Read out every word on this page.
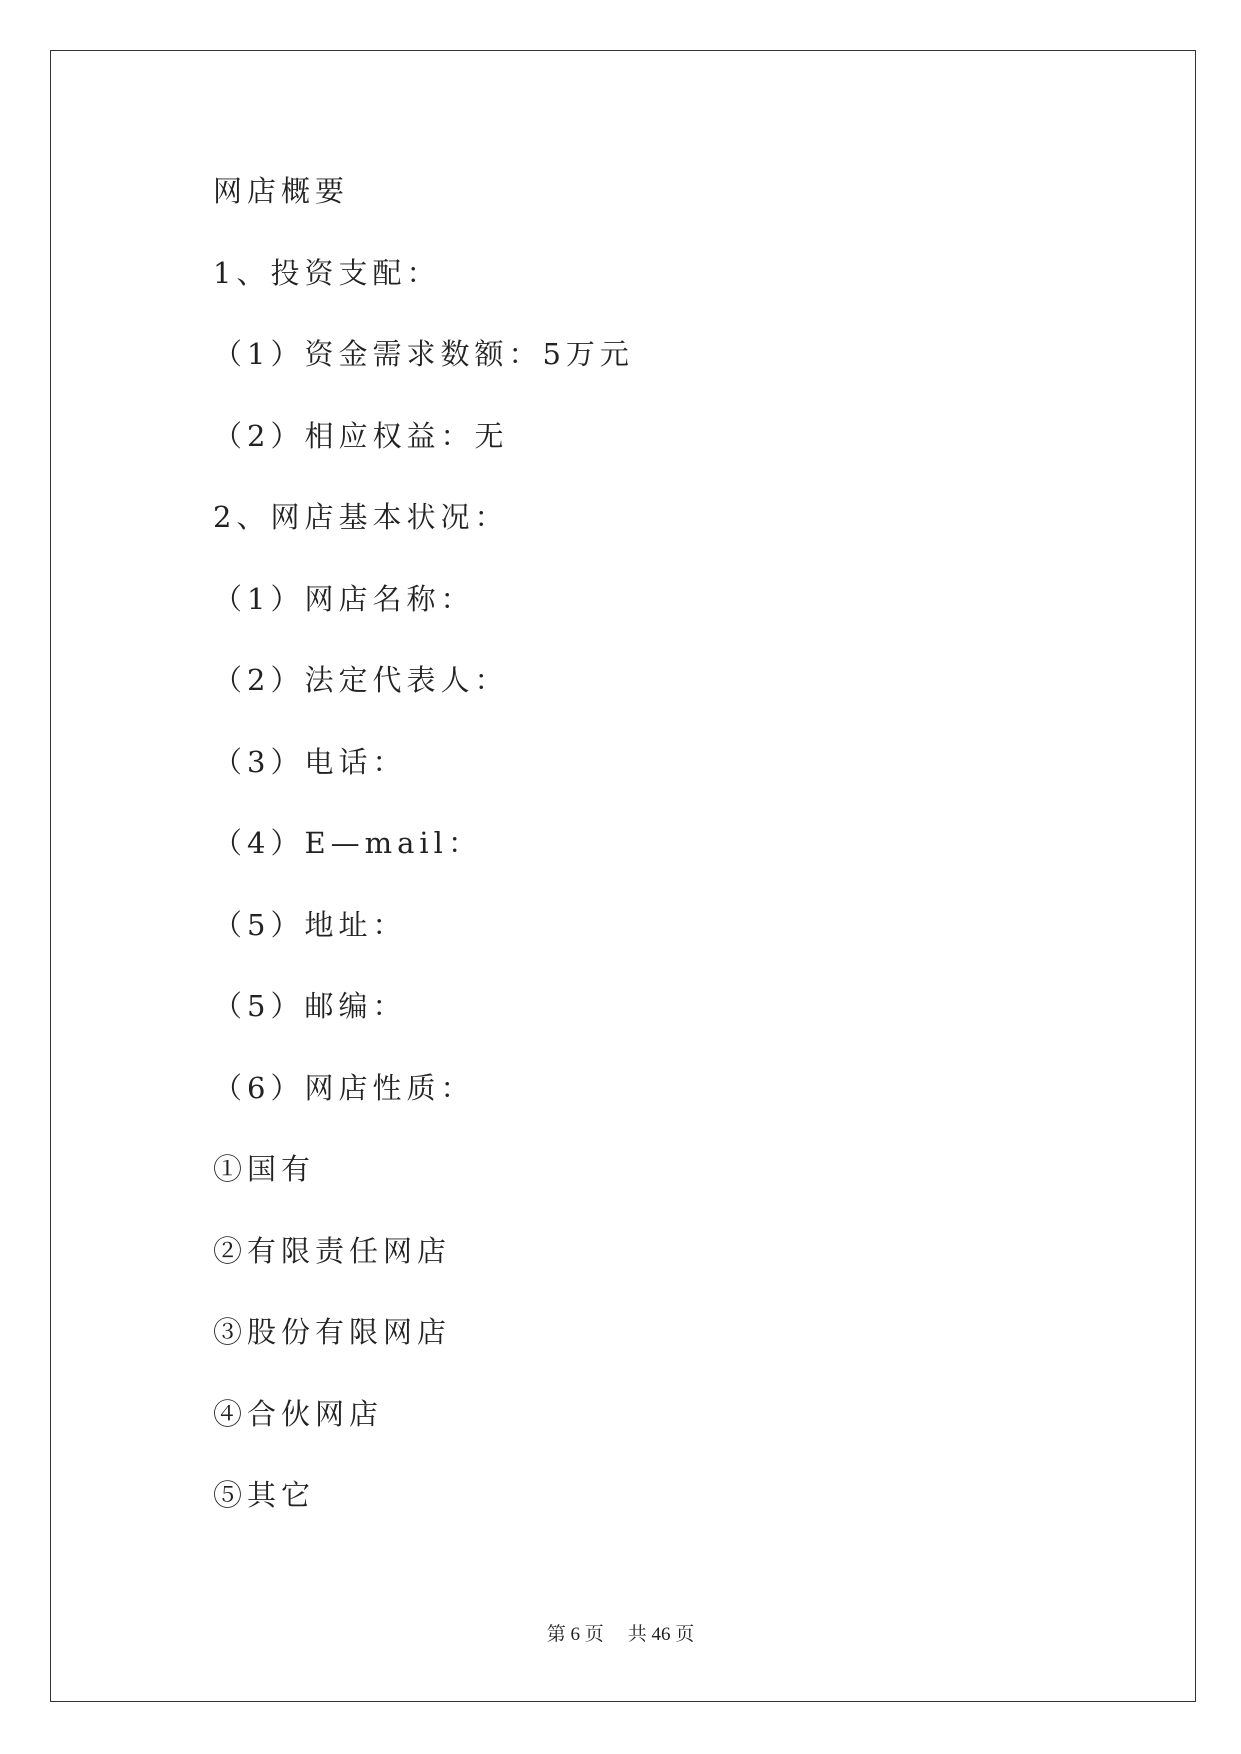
网店概要
1、投资支配：
（1）资金需求数额：5万元
（2）相应权益：无
2、网店基本状况：
（1）网店名称：
（2）法定代表人：
（3）电话：
（4）E—mail：
（5）地址：
（5）邮编：
（6）网店性质：
①国有
②有限责任网店
③股份有限网店
④合伙网店
⑤其它
第 6 页 共 46 页
